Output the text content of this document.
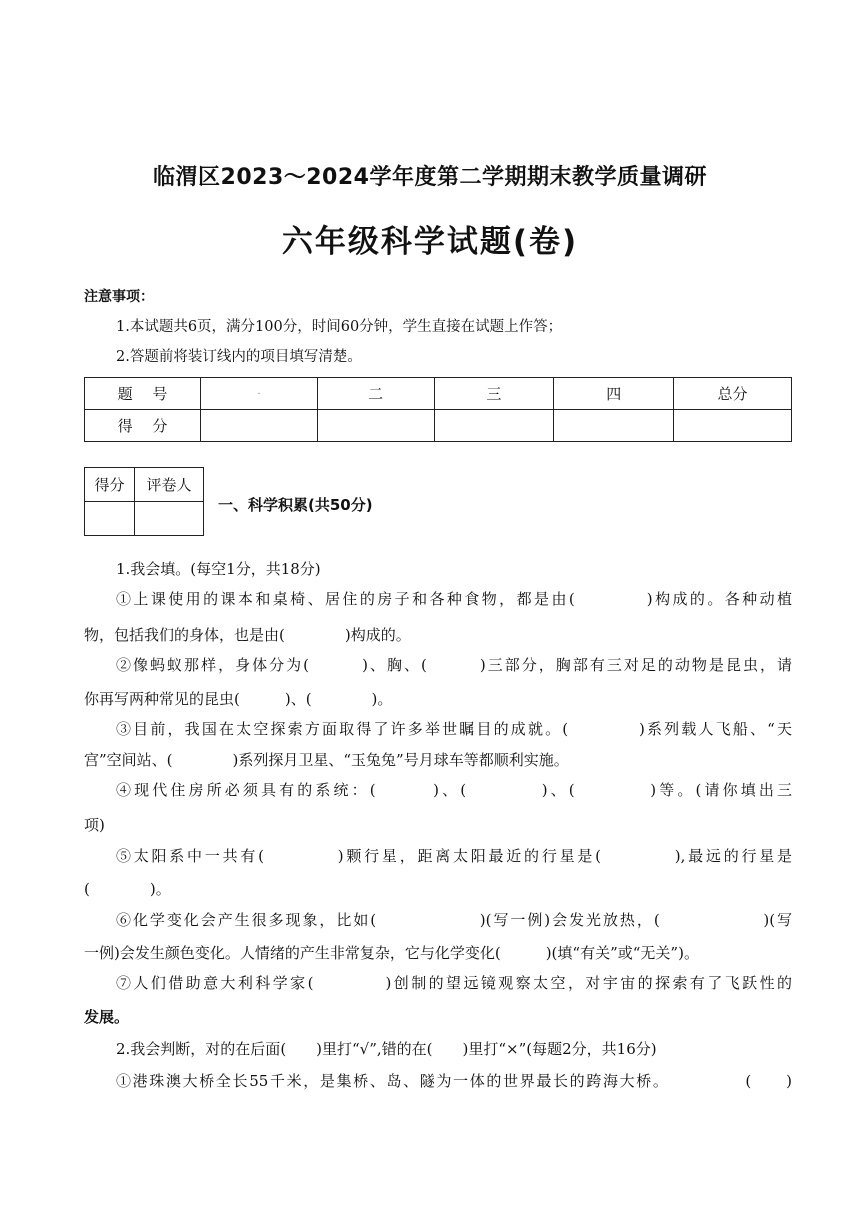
临渭区2023～2024学年度第二学期期末教学质量调研
六年级科学试题(卷)
注意事项：
1.本试题共6页，满分100分，时间60分钟，学生直接在试题上作答；
2.答题前将装订线内的项目填写清楚。
题　 号	-	二	三	四	总分
得　 分					
得分	评卷人

一、科学积累(共50分)
1.我会填。(每空1分，共18分)
①上课使用的课本和桌椅、居住的房子和各种食物，都是由(　　　　)构成的。各种动植
物，包括我们的身体，也是由(　　　　)构成的。
②像蚂蚁那样，身体分为(　　　)、胸、(　　　)三部分，胸部有三对足的动物是昆虫，请
你再写两种常见的昆虫(　　　)、(　　　　)。
③目前，我国在太空探索方面取得了许多举世瞩目的成就。(　　　　)系列载人飞船、“天
宫”空间站、(　　　　)系列探月卫星、“玉兔兔”号月球车等都顺利实施。
④现代住房所必须具有的系统：(　　　)、(　　　　)、(　　　　)等。(请你填出三
项)
⑤太阳系中一共有(　　　　)颗行星，距离太阳最近的行星是(　　　　),最远的行星是
(　　　　)。
⑥化学变化会产生很多现象，比如(　　　　　　)(写一例)会发光放热，(　　　　　　)(写
一例)会发生颜色变化。人情绪的产生非常复杂，它与化学变化(　　　)(填“有关”或“无关”)。
⑦人们借助意大利科学家(　　　　)创制的望远镜观察太空，对宇宙的探索有了飞跃性的
发展。
2.我会判断，对的在后面(　　)里打“√”,错的在(　　)里打“×”(每题2分，共16分)
①港珠澳大桥全长55千米，是集桥、岛、隧为一体的世界最长的跨海大桥。　　　　　(　　)
